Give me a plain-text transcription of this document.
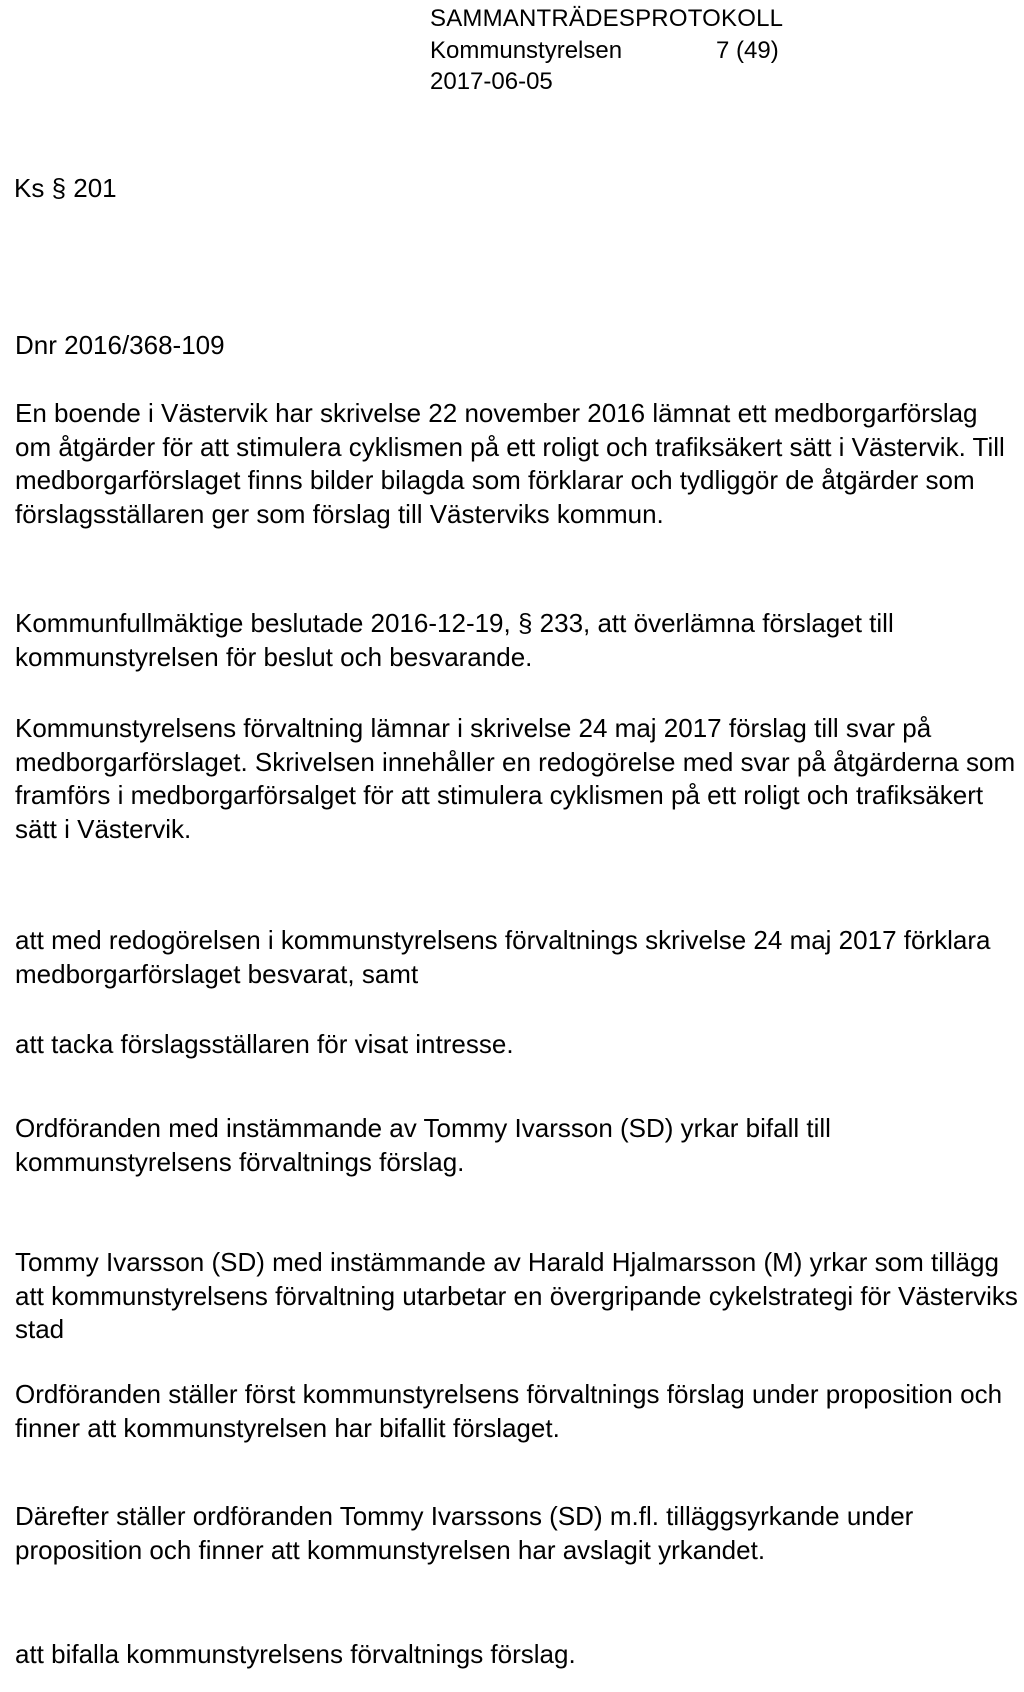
SAMMANTRÄDESPROTOKOLL
Kommunstyrelsen	7 (49)
2017-06-05
Ks § 201
Dnr 2016/368-109

En boende i Västervik har skrivelse 22 november 2016 lämnat ett medborgarförslag om åtgärder för att stimulera cyklismen på ett roligt och trafiksäkert sätt i Västervik. Till medborgarförslaget finns bilder bilagda som förklarar och tydliggör de åtgärder som förslagsställaren ger som förslag till Västerviks kommun.

Kommunfullmäktige beslutade 2016-12-19, § 233, att överlämna förslaget till kommunstyrelsen för beslut och besvarande.

Kommunstyrelsens förvaltning lämnar i skrivelse 24 maj 2017 förslag till svar på medborgarförslaget. Skrivelsen innehåller en redogörelse med svar på åtgärderna som framförs i medborgarförsalget för att stimulera cyklismen på ett roligt och trafiksäkert sätt i Västervik.

att med redogörelsen i kommunstyrelsens förvaltnings skrivelse 24 maj 2017 förklara medborgarförslaget besvarat, samt

att tacka förslagsställaren för visat intresse.

Ordföranden med instämmande av Tommy Ivarsson (SD) yrkar bifall till kommunstyrelsens förvaltnings förslag.

Tommy Ivarsson (SD) med instämmande av Harald Hjalmarsson (M) yrkar som tillägg att kommunstyrelsens förvaltning utarbetar en övergripande cykelstrategi för Västerviks stad

Ordföranden ställer först kommunstyrelsens förvaltnings förslag under proposition och finner att kommunstyrelsen har bifallit förslaget.

Därefter ställer ordföranden Tommy Ivarssons (SD) m.fl. tilläggsyrkande under proposition och finner att kommunstyrelsen har avslagit yrkandet.

att bifalla kommunstyrelsens förvaltnings förslag.
